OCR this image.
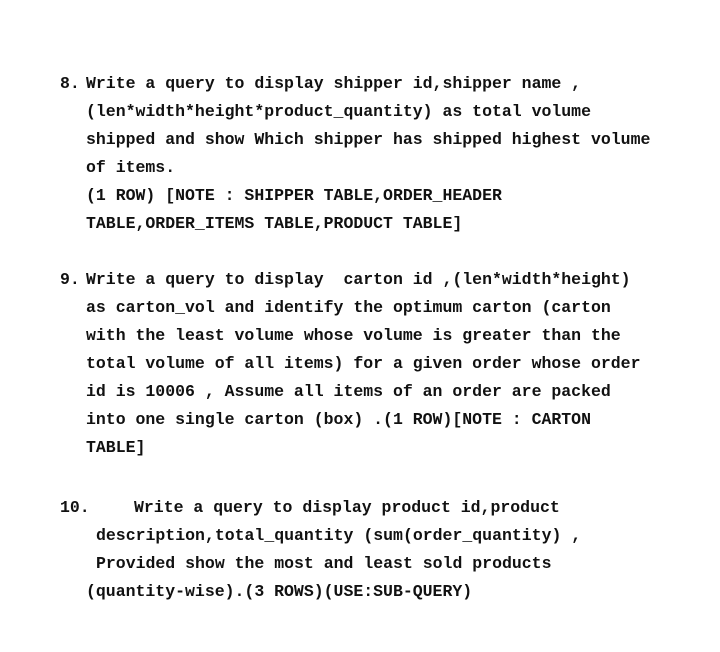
8. Write a query to display shipper id,shipper name ,
(len*width*height*product_quantity) as total volume
shipped and show Which shipper has shipped highest volume
of items.
(1 ROW) [NOTE : SHIPPER TABLE,ORDER_HEADER
TABLE,ORDER_ITEMS TABLE,PRODUCT TABLE]
9. Write a query to display  carton id ,(len*width*height)
as carton_vol and identify the optimum carton (carton
with the least volume whose volume is greater than the
total volume of all items) for a given order whose order
id is 10006 , Assume all items of an order are packed
into one single carton (box) .(1 ROW)[NOTE : CARTON
TABLE]
10.	Write a query to display product id,product
description,total_quantity (sum(order_quantity) ,
Provided show the most and least sold products
(quantity-wise).(3 ROWS)(USE:SUB-QUERY)
